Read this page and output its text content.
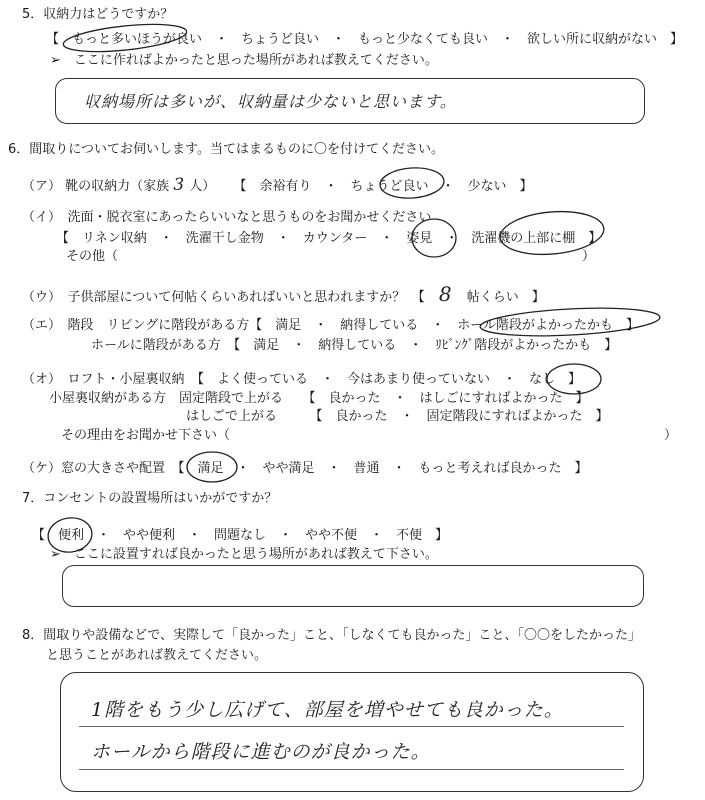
5．収納力はどうですか？
【　もっと多いほうが良い　・　ちょうど良い　・　もっと少なくても良い　・　欲しい所に収納がない　】
➢　ここに作ればよかったと思った場所があれば教えてください。
収納場所は多いが、収納量は少ないと思います。
6．間取りについてお伺いします。当てはまるものに〇を付けてください。
（ア） 靴の収納力（家族 3 人） 【　余裕有り　・　ちょうど良い　・　少ない　】
（イ）　洗面・脱衣室にあったらいいなと思うものをお聞かせください
【　リネン収納　・　洗濯干し金物　・　カウンター　・　姿見　・　洗濯機の上部に棚　】
その他（	）
（ウ）　子供部屋について何帖くらいあればいいと思われますか？　【 8 帖くらい　】
（エ）　階段　リビングに階段がある方【　満足　・　納得している　・　ホール階段がよかったかも　】
ホールに階段がある方　【　満足　・　納得している　・　ﾘﾋﾞﾝｸﾞ階段がよかったかも　】
（オ）　ロフト・小屋裏収納　【　よく使っている　・　今はあまり使っていない　・　なし　】
小屋裏収納がある方　固定階段で上がる　　【　良かった　・　はしごにすればよかった　】
はしごで上がる　　　【　良かった　・　固定階段にすればよかった　】
その理由をお聞かせ下さい（	）
（ケ）窓の大きさや配置　【　満足　・　やや満足　・　普通　・　もっと考えれば良かった　】
7．コンセントの設置場所はいかがですか？
【　便利　・　やや便利　・　問題なし　・　やや不便　・　不便　】
➢　ここに設置すれば良かったと思う場所があれば教えて下さい。
8．間取りや設備などで、実際して「良かった」こと、「しなくても良かった」こと、「〇〇をしたかった」
と思うことがあれば教えてください。
1階をもう少し広げて、部屋を増やせても良かった。
ホールから階段に進むのが良かった。
